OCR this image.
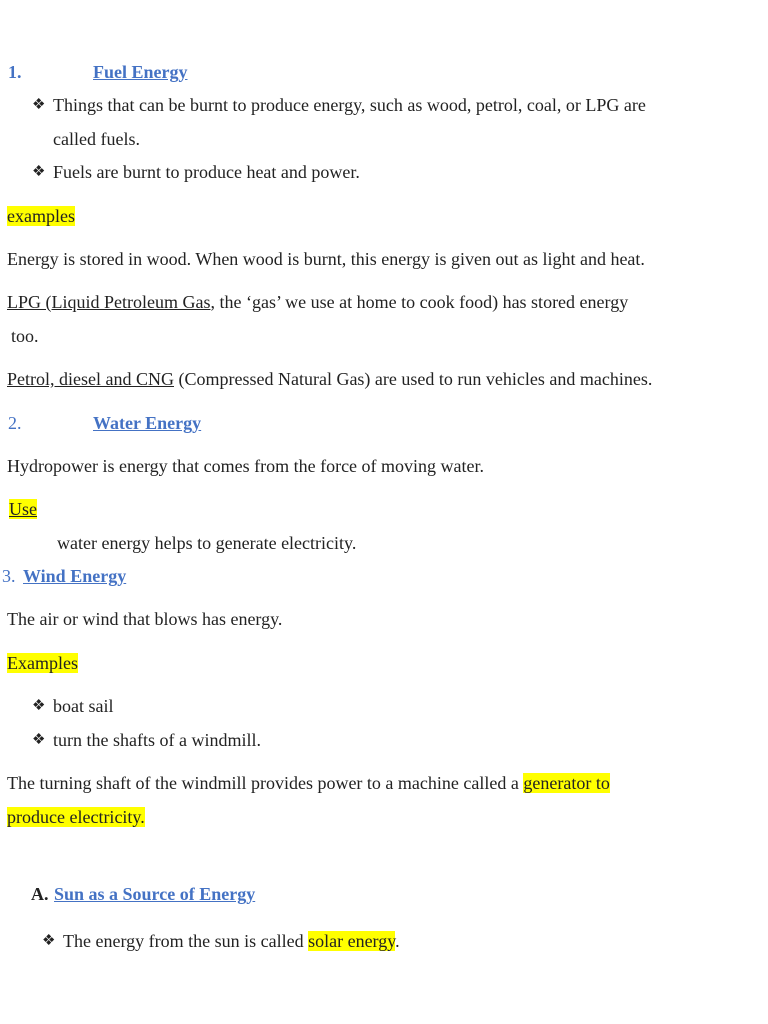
1.	Fuel Energy
❖ Things that can be burnt to produce energy, such as wood, petrol, coal, or LPG are
called fuels.
❖ Fuels are burnt to produce heat and power.
examples
Energy is stored in wood. When wood is burnt, this energy is given out as light and heat.
LPG (Liquid Petroleum Gas, the ‘gas’ we use at home to cook food) has stored energy
too.
Petrol, diesel and CNG (Compressed Natural Gas) are used to run vehicles and machines.
2.	Water Energy
Hydropower is energy that comes from the force of moving water.
Use
water energy helps to generate electricity.
3. Wind Energy
The air or wind that blows has energy.
Examples
❖ boat sail
❖ turn the shafts of a windmill.
The turning shaft of the windmill provides power to a machine called a generator to
produce electricity.
A. Sun as a Source of Energy
❖ The energy from the sun is called solar energy.
